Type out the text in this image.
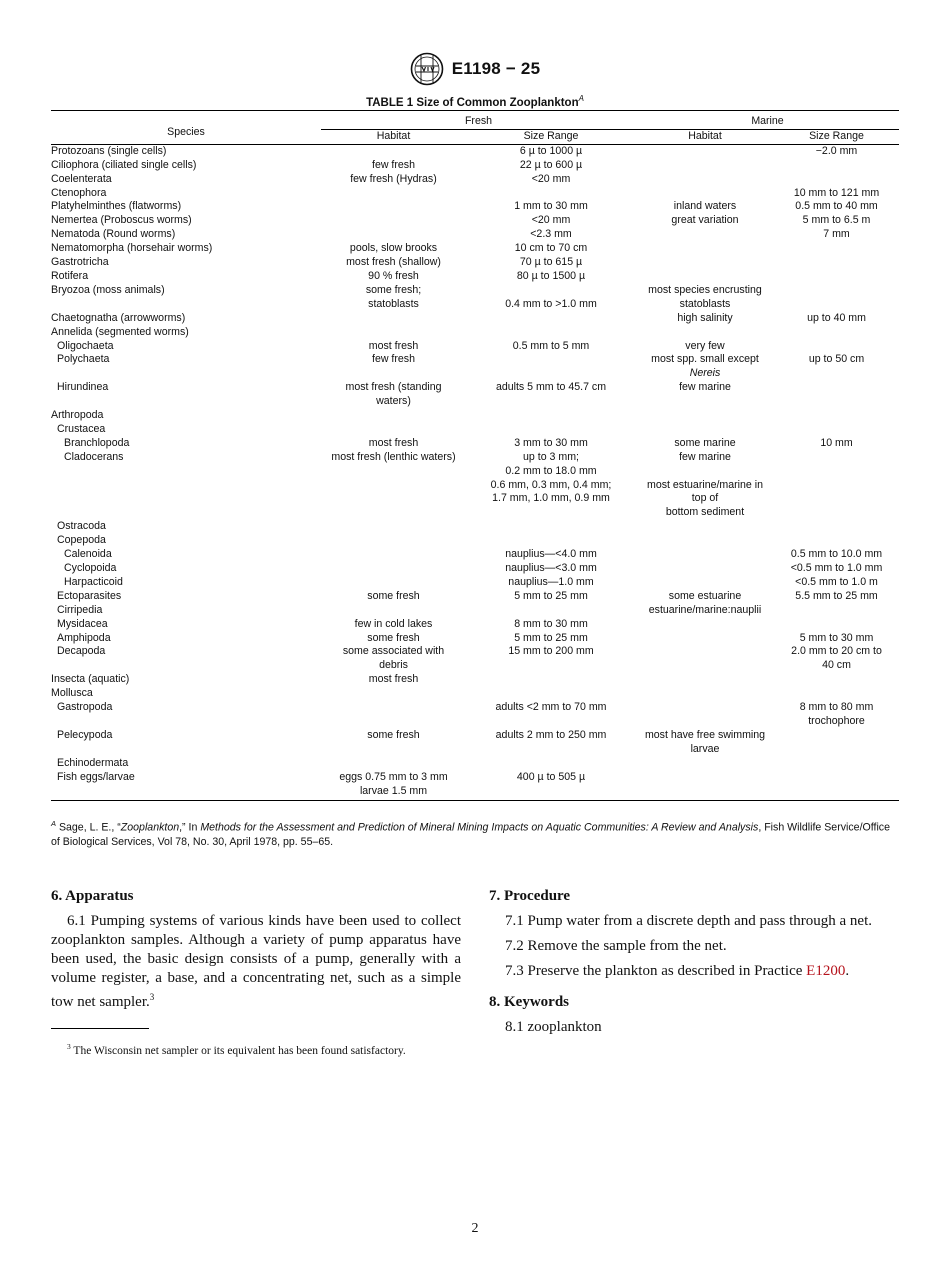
E1198 − 25
TABLE 1 Size of Common Zooplankton$^A$
Species	Fresh		Marine	
	Habitat	Size Range	Habitat	Size Range
Protozoans (single cells)		6 µ to 1000 µ		−2.0 mm
Ciliophora (ciliated single cells)	few fresh	22 µ to 600 µ		
Coelenterata	few fresh (Hydras)	<20 mm		
Ctenophora				10 mm to 121 mm
Platyhelminthes (flatworms)		1 mm to 30 mm	inland waters	0.5 mm to 40 mm
Nemertea (Proboscus worms)		<20 mm	great variation	5 mm to 6.5 m
Nematoda (Round worms)		<2.3 mm		7 mm
Nematomorpha (horsehair worms)	pools, slow brooks	10 cm to 70 cm		
Gastrotricha	most fresh (shallow)	70 µ to 615 µ		
Rotifera	90 % fresh	80 µ to 1500 µ		
Bryozoa (moss animals)	some fresh;		most species encrusting	
	statoblasts	0.4 mm to >1.0 mm	statoblasts	
Chaetognatha (arrowworms)			high salinity	up to 40 mm
Annelida (segmented worms)				
Oligochaeta	most fresh	0.5 mm to 5 mm	very few	
Polychaeta	few fresh		most spp. small except	up to 50 cm
			Nereis	
Hirundinea	most fresh (standing	adults 5 mm to 45.7 cm	few marine	
	waters)			

Arthropoda				
Crustacea				
Branchlopoda	most fresh	3 mm to 30 mm	some marine	10 mm
Cladocerans	most fresh (lenthic waters)	up to 3 mm;	few marine	
		0.2 mm to 18.0 mm		
		0.6 mm, 0.3 mm, 0.4 mm;	most estuarine/marine in	
		1.7 mm, 1.0 mm, 0.9 mm	top of	
			bottom sediment	
Ostracoda				
Copepoda				
Calenoida		nauplius—<4.0 mm		0.5 mm to 10.0 mm
Cyclopoida		nauplius—<3.0 mm		<0.5 mm to 1.0 mm
Harpacticoid		nauplius—1.0 mm		<0.5 mm to 1.0 m
Ectoparasites	some fresh	5 mm to 25 mm	some estuarine	5.5 mm to 25 mm
Cirripedia			estuarine/marine:nauplii	
Mysidacea	few in cold lakes	8 mm to 30 mm		
Amphipoda	some fresh	5 mm to 25 mm		5 mm to 30 mm
Decapoda	some associated with	15 mm to 200 mm		2.0 mm to 20 cm to
	debris			40 cm
Insecta (aquatic)	most fresh			
Mollusca				
Gastropoda		adults <2 mm to 70 mm		8 mm to 80 mm
				trochophore
Pelecypoda	some fresh	adults 2 mm to 250 mm	most have free swimming	
			larvae	
Echinodermata				
Fish eggs/larvae	eggs 0.75 mm to 3 mm	400 µ to 505 µ		
	larvae 1.5 mm			
$^A$ Sage, L. E., “Zooplankton,” In Methods for the Assessment and Prediction of Mineral Mining Impacts on Aquatic Communities: A Review and Analysis, Fish Wildlife Service/Office of Biological Services, Vol 78, No. 30, April 1978, pp. 55–65.
6. Apparatus

6.1 Pumping systems of various kinds have been used to collect zooplankton samples. Although a variety of pump apparatus have been used, the basic design consists of a pump, generally with a volume register, a base, and a concentrating net, such as a simple tow net sampler.$^3$

$^3$ The Wisconsin net sampler or its equivalent has been found satisfactory.
7. Procedure

7.1 Pump water from a discrete depth and pass through a net.

7.2 Remove the sample from the net.

7.3 Preserve the plankton as described in Practice E1200.

8. Keywords

8.1 zooplankton

2
